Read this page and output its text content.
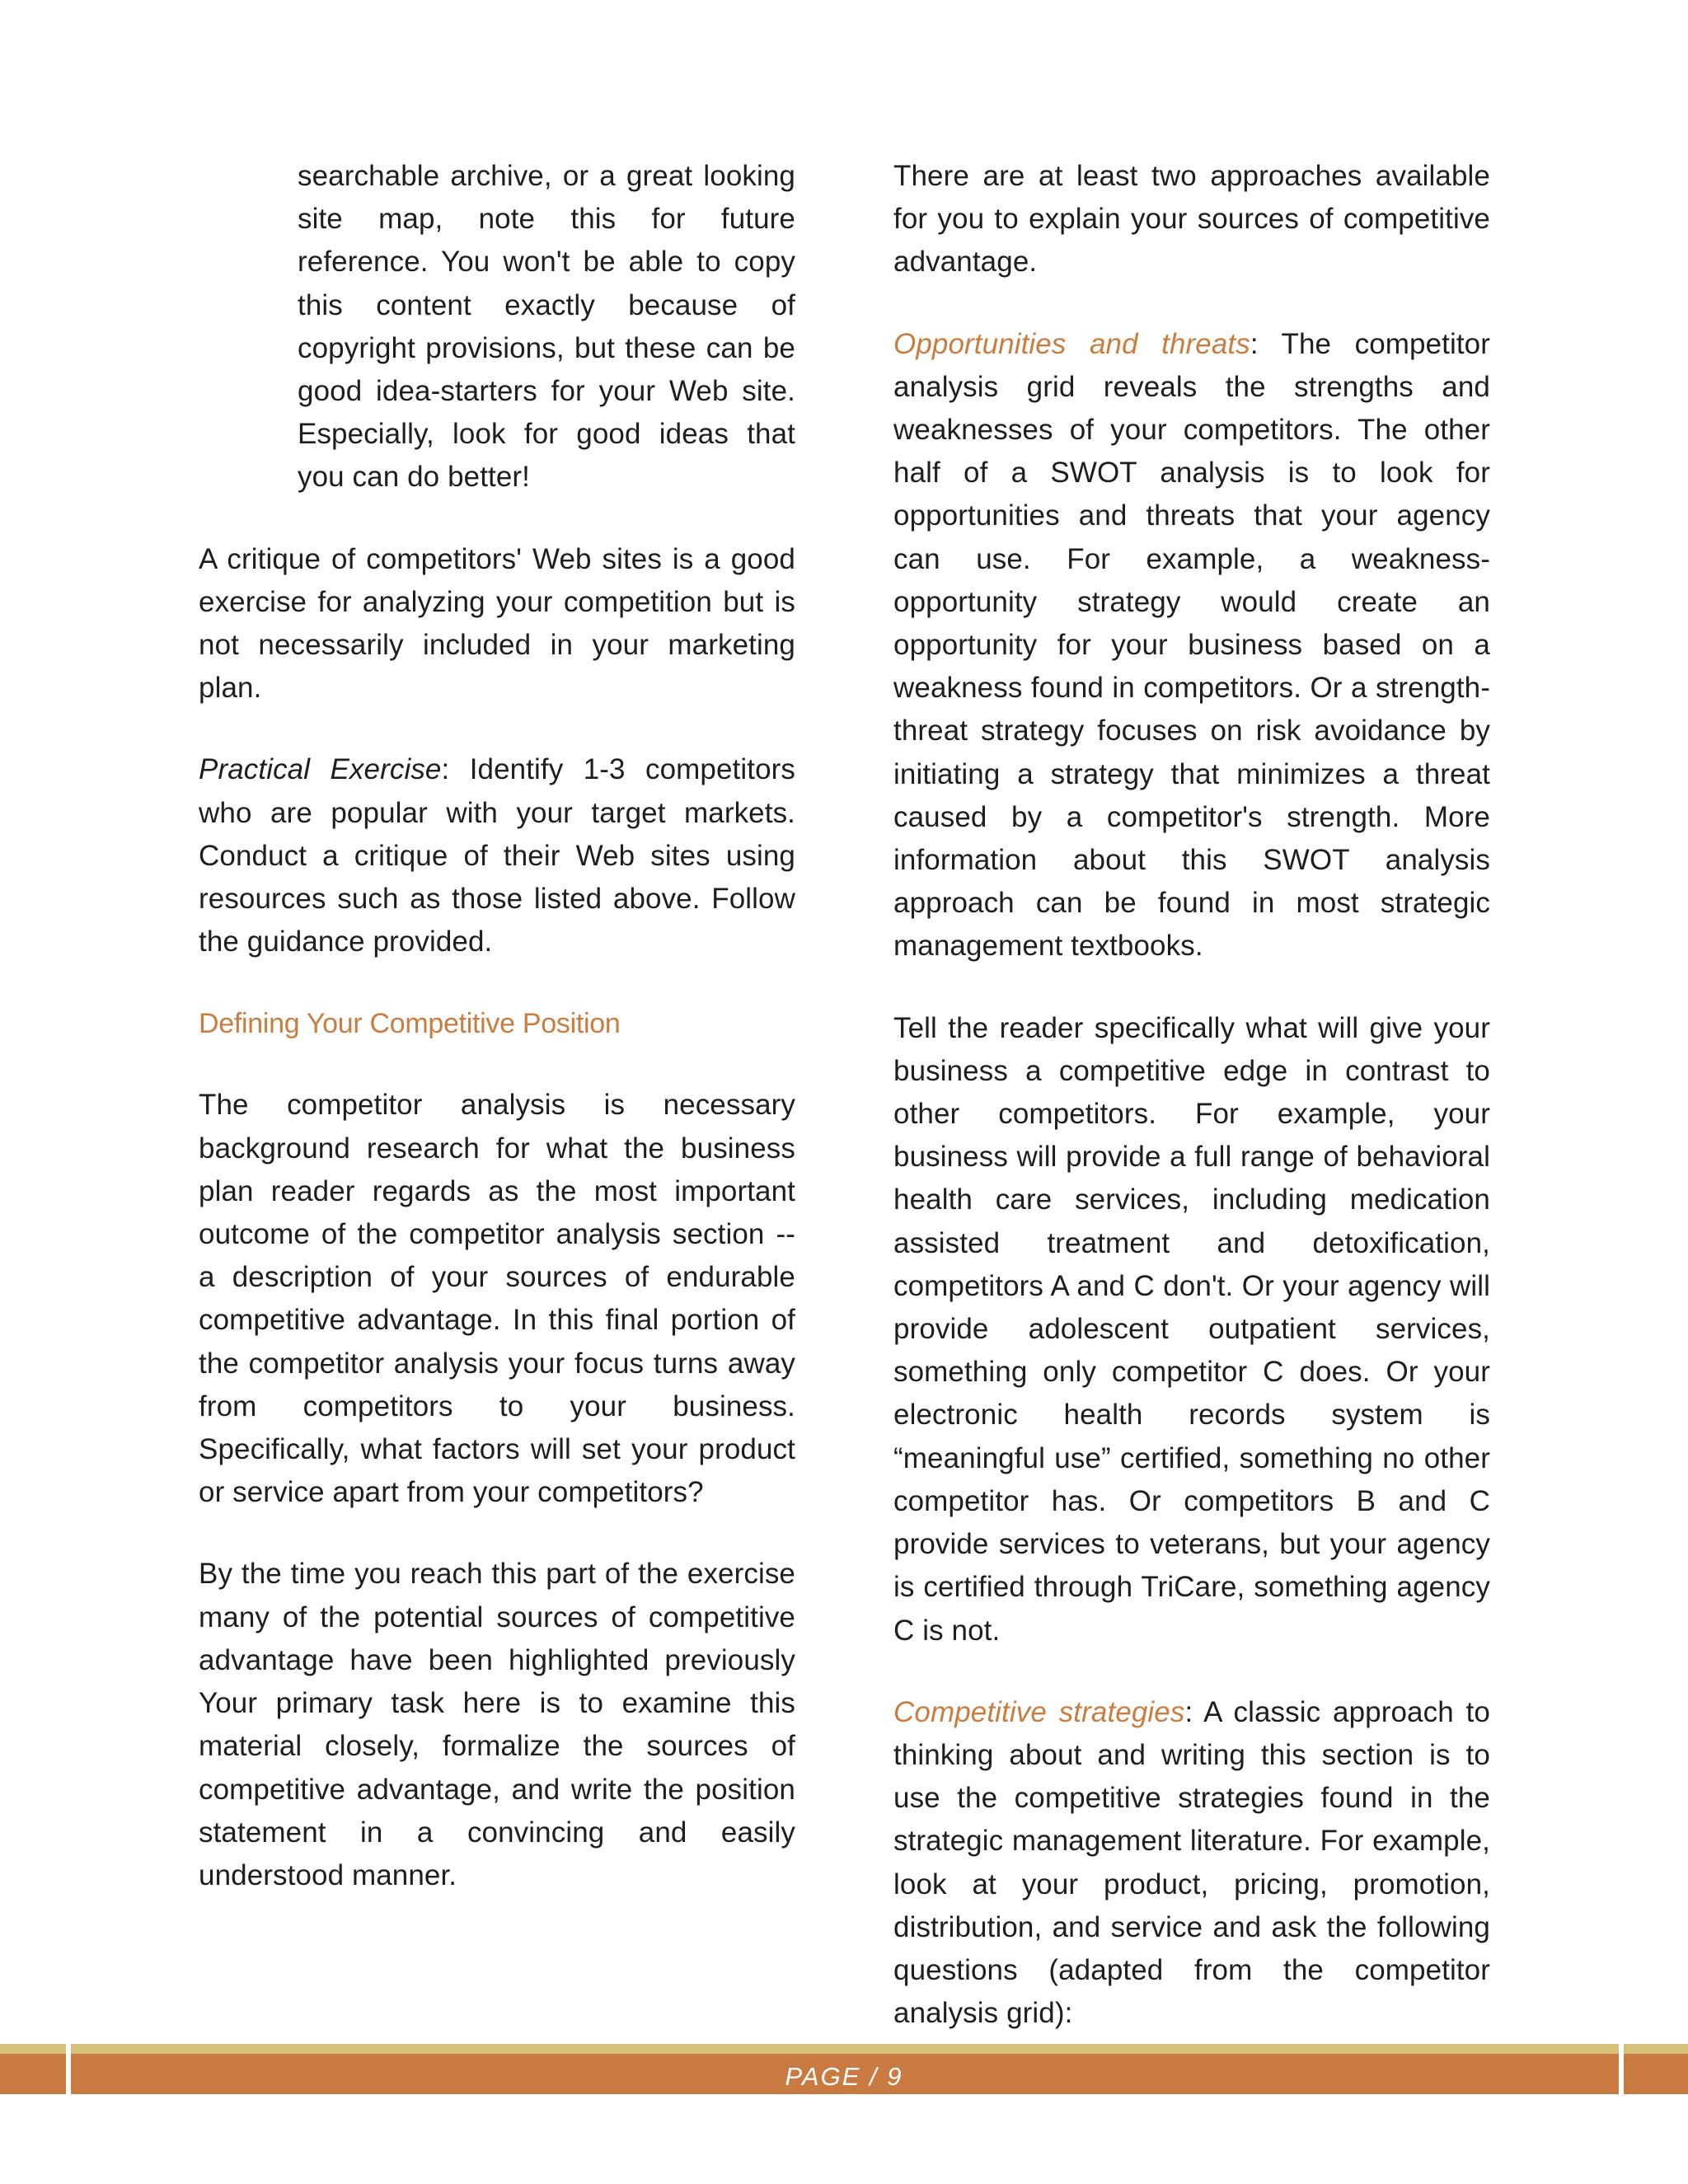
searchable archive, or a great looking site map, note this for future reference. You won't be able to copy this content exactly because of copyright provisions, but these can be good idea-starters for your Web site. Especially, look for good ideas that you can do better!

A critique of competitors' Web sites is a good exercise for analyzing your competition but is not necessarily included in your marketing plan.

Practical Exercise: Identify 1-3 competitors who are popular with your target markets. Conduct a critique of their Web sites using resources such as those listed above. Follow the guidance provided.

Defining Your Competitive Position

The competitor analysis is necessary background research for what the business plan reader regards as the most important outcome of the competitor analysis section -- a description of your sources of endurable competitive advantage. In this final portion of the competitor analysis your focus turns away from competitors to your business. Specifically, what factors will set your product or service apart from your competitors?

By the time you reach this part of the exercise many of the potential sources of competitive advantage have been highlighted previously Your primary task here is to examine this material closely, formalize the sources of competitive advantage, and write the position statement in a convincing and easily understood manner.

There are at least two approaches available for you to explain your sources of competitive advantage.

Opportunities and threats: The competitor analysis grid reveals the strengths and weaknesses of your competitors. The other half of a SWOT analysis is to look for opportunities and threats that your agency can use. For example, a weakness-opportunity strategy would create an opportunity for your business based on a weakness found in competitors. Or a strength-threat strategy focuses on risk avoidance by initiating a strategy that minimizes a threat caused by a competitor's strength. More information about this SWOT analysis approach can be found in most strategic management textbooks.

Tell the reader specifically what will give your business a competitive edge in contrast to other competitors. For example, your business will provide a full range of behavioral health care services, including medication assisted treatment and detoxification, competitors A and C don't. Or your agency will provide adolescent outpatient services, something only competitor C does. Or your electronic health records system is “meaningful use” certified, something no other competitor has. Or competitors B and C provide services to veterans, but your agency is certified through TriCare, something agency C is not.

Competitive strategies: A classic approach to thinking about and writing this section is to use the competitive strategies found in the strategic management literature. For example, look at your product, pricing, promotion, distribution, and service and ask the following questions (adapted from the competitor analysis grid):

PAGE / 9
